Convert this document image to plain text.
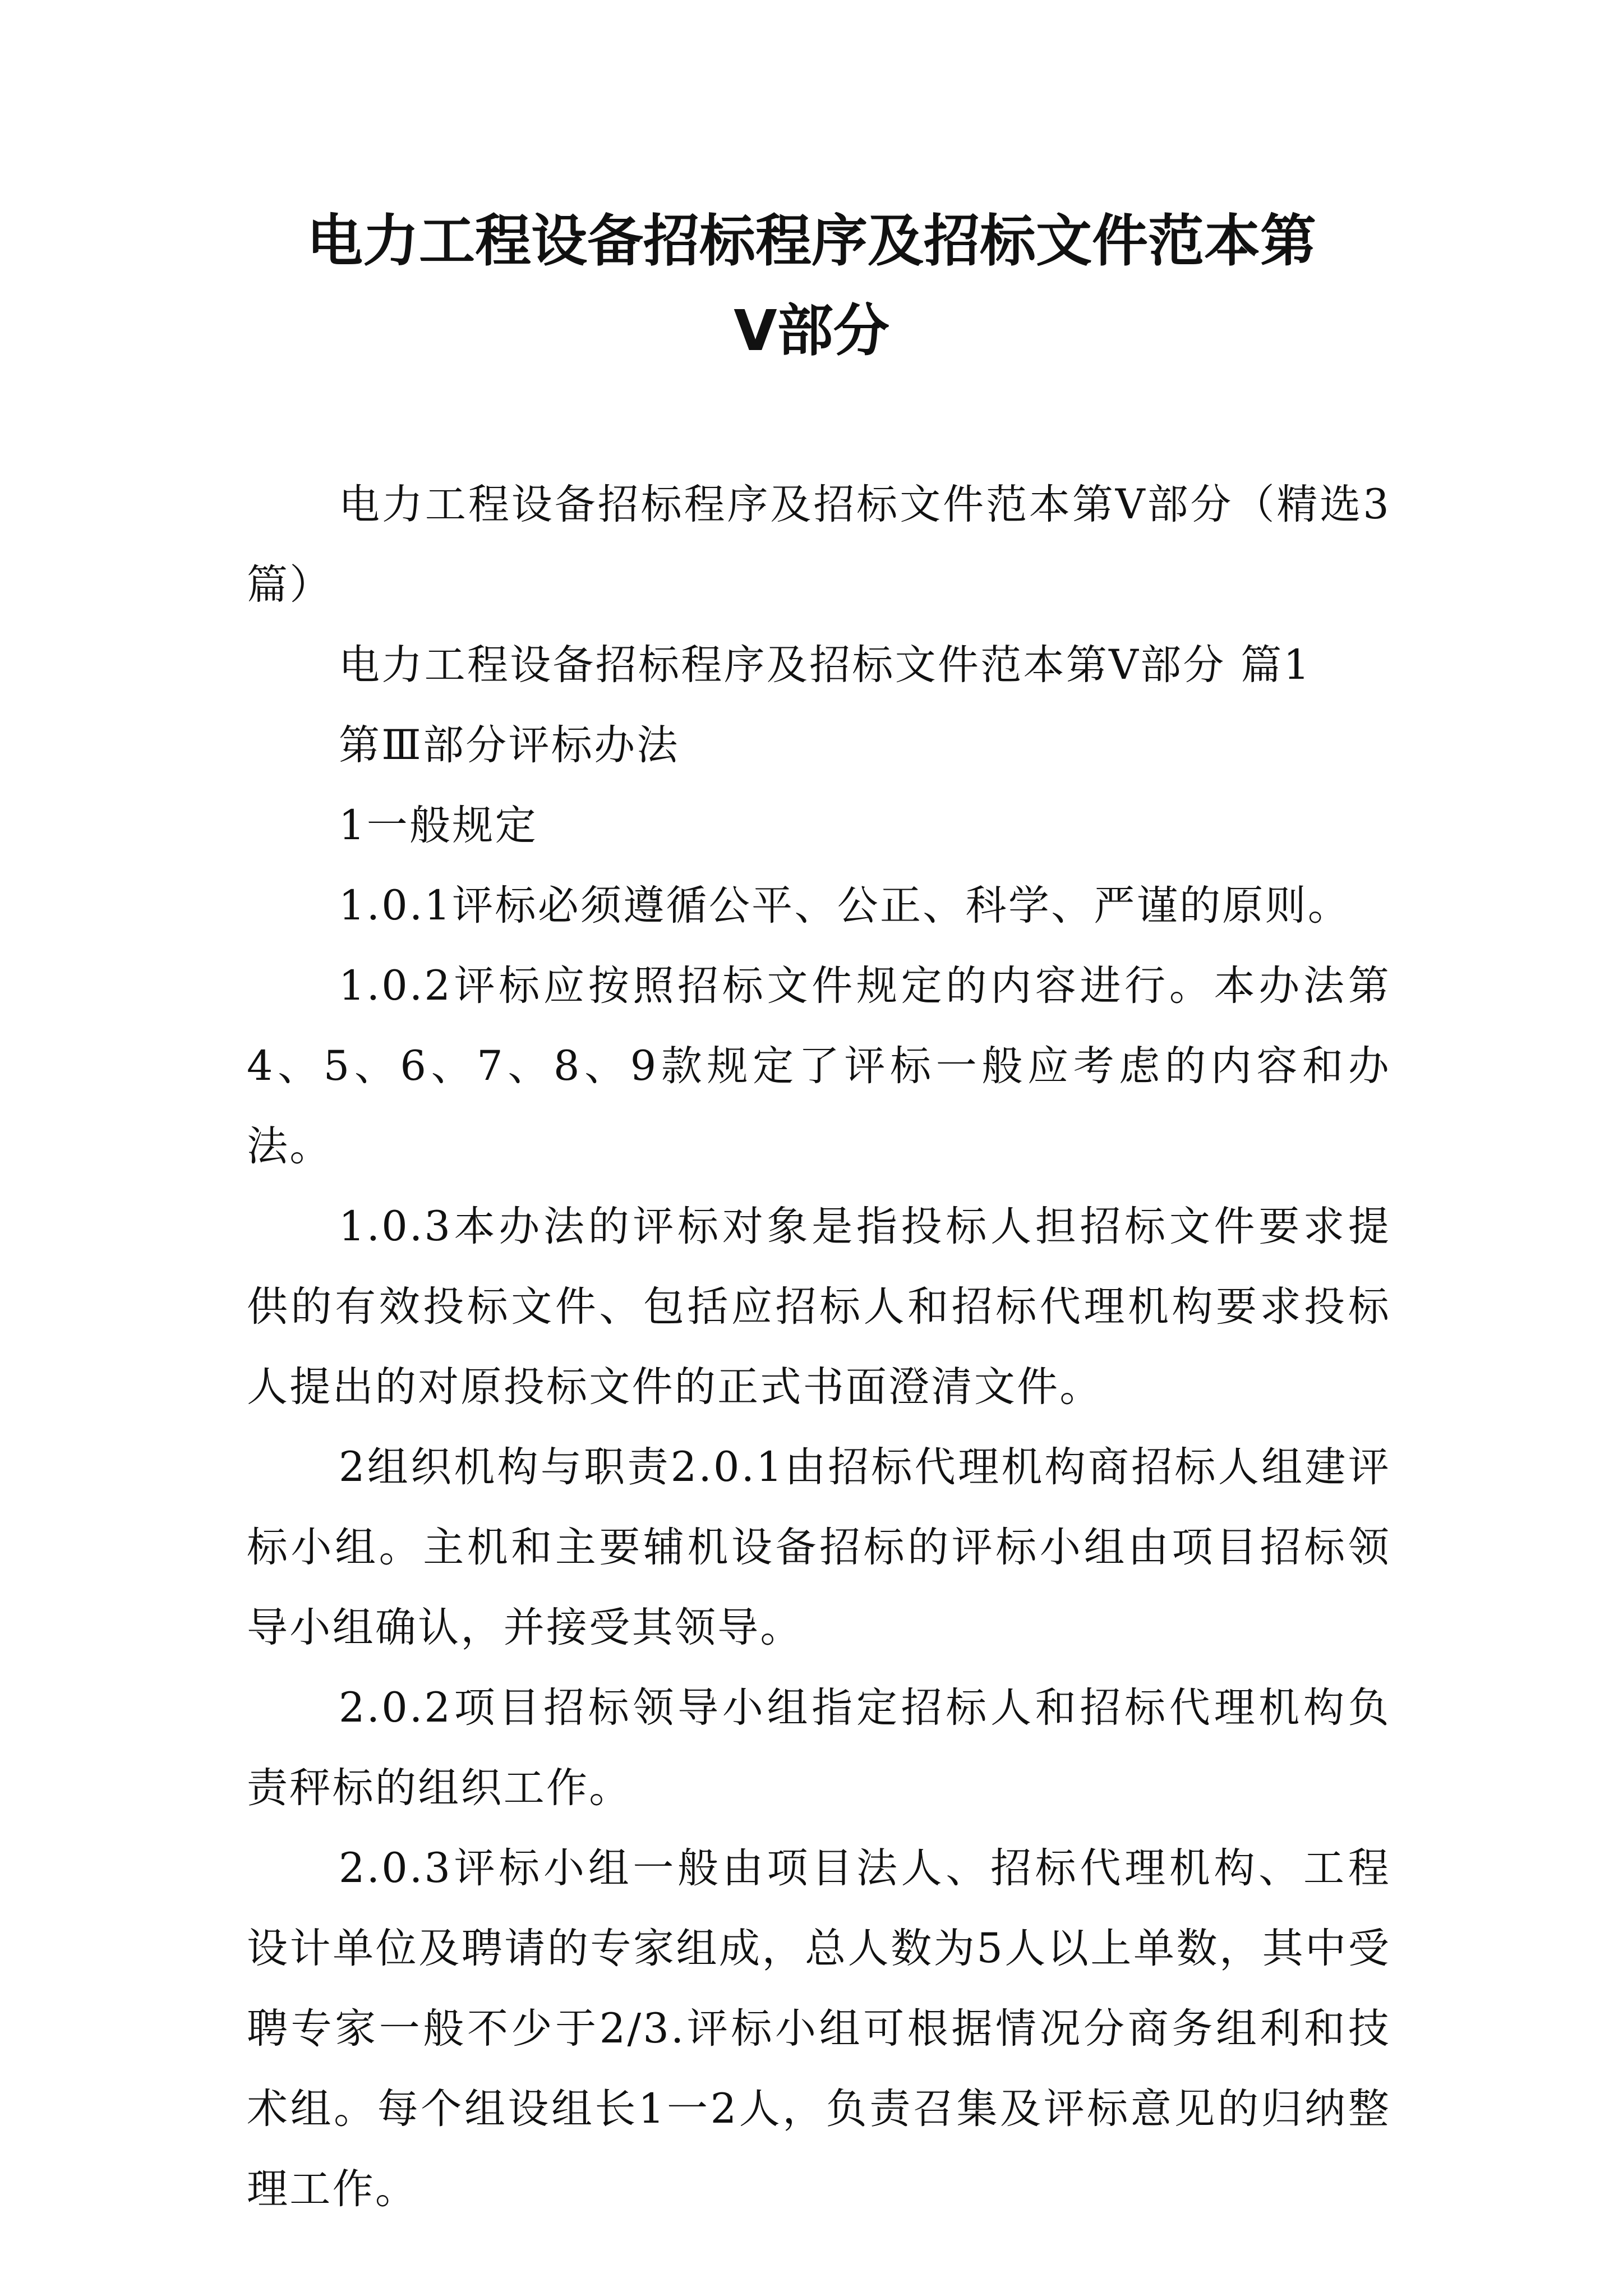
电力工程设备招标程序及招标文件范本第
Ⅴ部分

电力工程设备招标程序及招标文件范本第Ⅴ部分（精选3篇）

电力工程设备招标程序及招标文件范本第Ⅴ部分 篇1

第Ⅲ部分评标办法

1一般规定

1.0.1评标必须遵循公平、公正、科学、严谨的原则。

1.0.2评标应按照招标文件规定的内容进行。本办法第4、5、6、7、8、9款规定了评标一般应考虑的内容和办法。

1.0.3本办法的评标对象是指投标人担招标文件要求提供的有效投标文件、包括应招标人和招标代理机构要求投标人提出的对原投标文件的正式书面澄清文件。

2组织机构与职责2.0.1由招标代理机构商招标人组建评标小组。主机和主要辅机设备招标的评标小组由项目招标领导小组确认，并接受其领导。

2.0.2项目招标领导小组指定招标人和招标代理机构负责秤标的组织工作。

2.0.3评标小组一般由项目法人、招标代理机构、工程设计单位及聘请的专家组成，总人数为5人以上单数，其中受聘专家一般不少于2/3.评标小组可根据情况分商务组利和技术组。每个组设组长1一2人，负责召集及评标意见的归纳整理工作。
